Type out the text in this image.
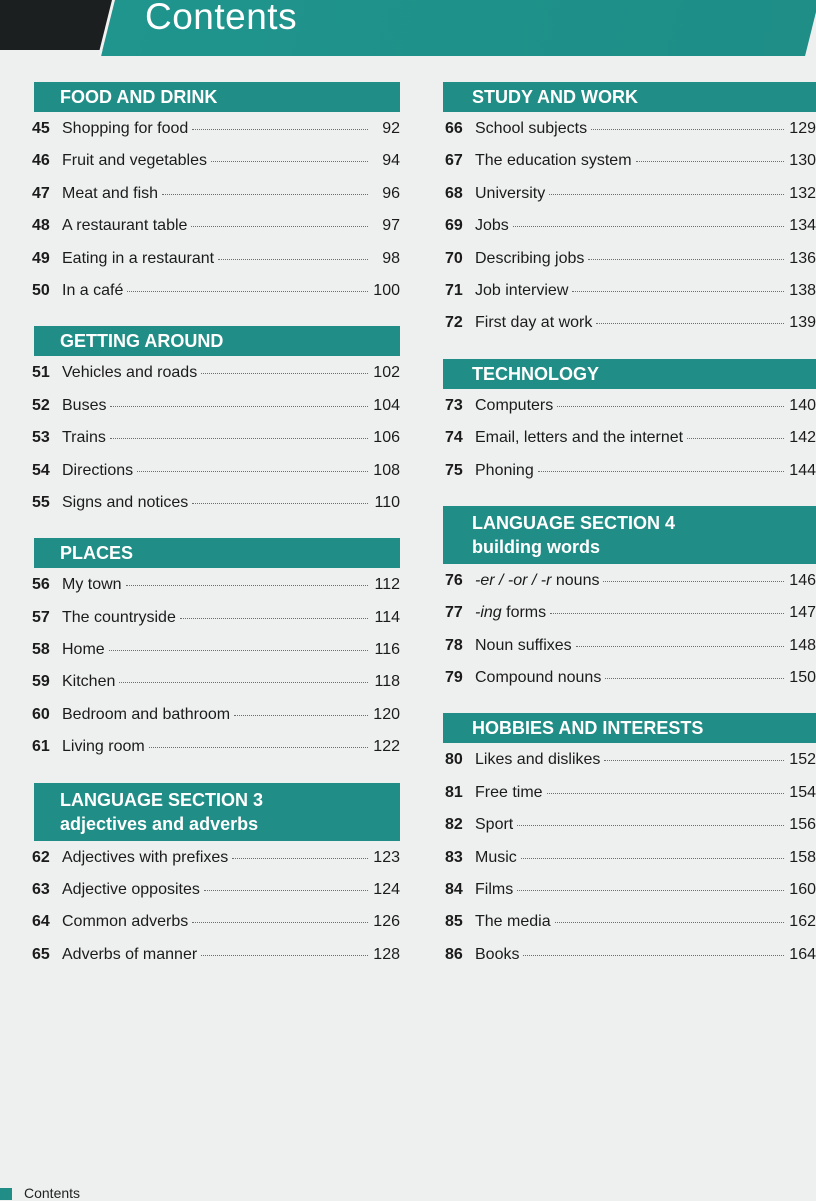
Contents
FOOD AND DRINK
45 Shopping for food	92
46 Fruit and vegetables	94
47 Meat and fish	96
48 A restaurant table	97
49 Eating in a restaurant	98
50 In a café	100
GETTING AROUND
51 Vehicles and roads	102
52 Buses	104
53 Trains	106
54 Directions	108
55 Signs and notices	110
PLACES
56 My town	112
57 The countryside	114
58 Home	116
59 Kitchen	118
60 Bedroom and bathroom	120
61 Living room	122
LANGUAGE SECTION 3
adjectives and adverbs
62 Adjectives with prefixes	123
63 Adjective opposites	124
64 Common adverbs	126
65 Adverbs of manner	128
STUDY AND WORK
66 School subjects	129
67 The education system	130
68 University	132
69 Jobs	134
70 Describing jobs	136
71 Job interview	138
72 First day at work	139
TECHNOLOGY
73 Computers	140
74 Email, letters and the internet	142
75 Phoning	144
LANGUAGE SECTION 4
building words
76 -er / -or / -r nouns	146
77 -ing forms	147
78 Noun suffixes	148
79 Compound nouns	150
HOBBIES AND INTERESTS
80 Likes and dislikes	152
81 Free time	154
82 Sport	156
83 Music	158
84 Films	160
85 The media	162
86 Books	164
Contents
